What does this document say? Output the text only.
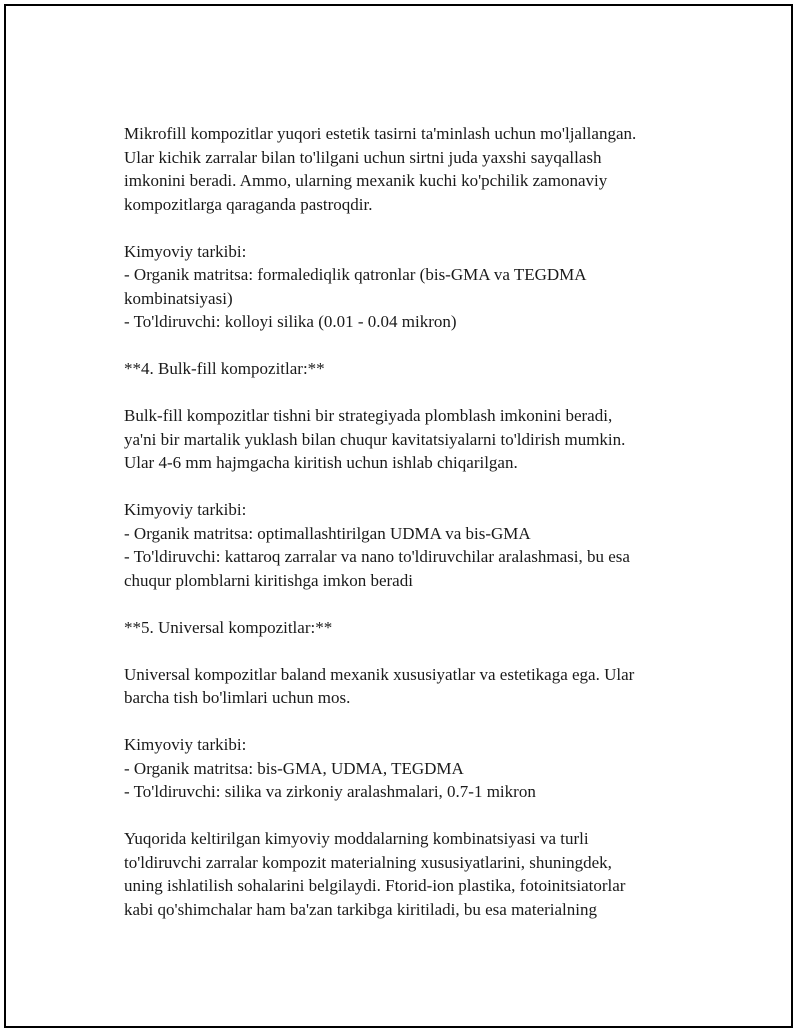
Mikrofill kompozitlar yuqori estetik tasirni ta'minlash uchun mo'ljallangan.
Ular kichik zarralar bilan to'lilgani uchun sirtni juda yaxshi sayqallash
imkonini beradi. Ammo, ularning mexanik kuchi ko'pchilik zamonaviy
kompozitlarga qaraganda pastroqdir.
Kimyoviy tarkibi:
- Organik matritsa: formalediqlik qatronlar (bis-GMA va TEGDMA
kombinatsiyasi)
- To'ldiruvchi: kolloyi silika (0.01 - 0.04 mikron)
**4. Bulk-fill kompozitlar:**
Bulk-fill kompozitlar tishni bir strategiyada plomblash imkonini beradi,
ya'ni bir martalik yuklash bilan chuqur kavitatsiyalarni to'ldirish mumkin.
Ular 4-6 mm hajmgacha kiritish uchun ishlab chiqarilgan.
Kimyoviy tarkibi:
- Organik matritsa: optimallashtirilgan UDMA va bis-GMA
- To'ldiruvchi: kattaroq zarralar va nano to'ldiruvchilar aralashmasi, bu esa
chuqur plomblarni kiritishga imkon beradi
**5. Universal kompozitlar:**
Universal kompozitlar baland mexanik xususiyatlar va estetikaga ega. Ular
barcha tish bo'limlari uchun mos.
Kimyoviy tarkibi:
- Organik matritsa: bis-GMA, UDMA, TEGDMA
- To'ldiruvchi: silika va zirkoniy aralashmalari, 0.7-1 mikron
Yuqorida keltirilgan kimyoviy moddalarning kombinatsiyasi va turli
to'ldiruvchi zarralar kompozit materialning xususiyatlarini, shuningdek,
uning ishlatilish sohalarini belgilaydi. Ftorid-ion plastika, fotoinitsiatorlar
kabi qo'shimchalar ham ba'zan tarkibga kiritiladi, bu esa materialning
